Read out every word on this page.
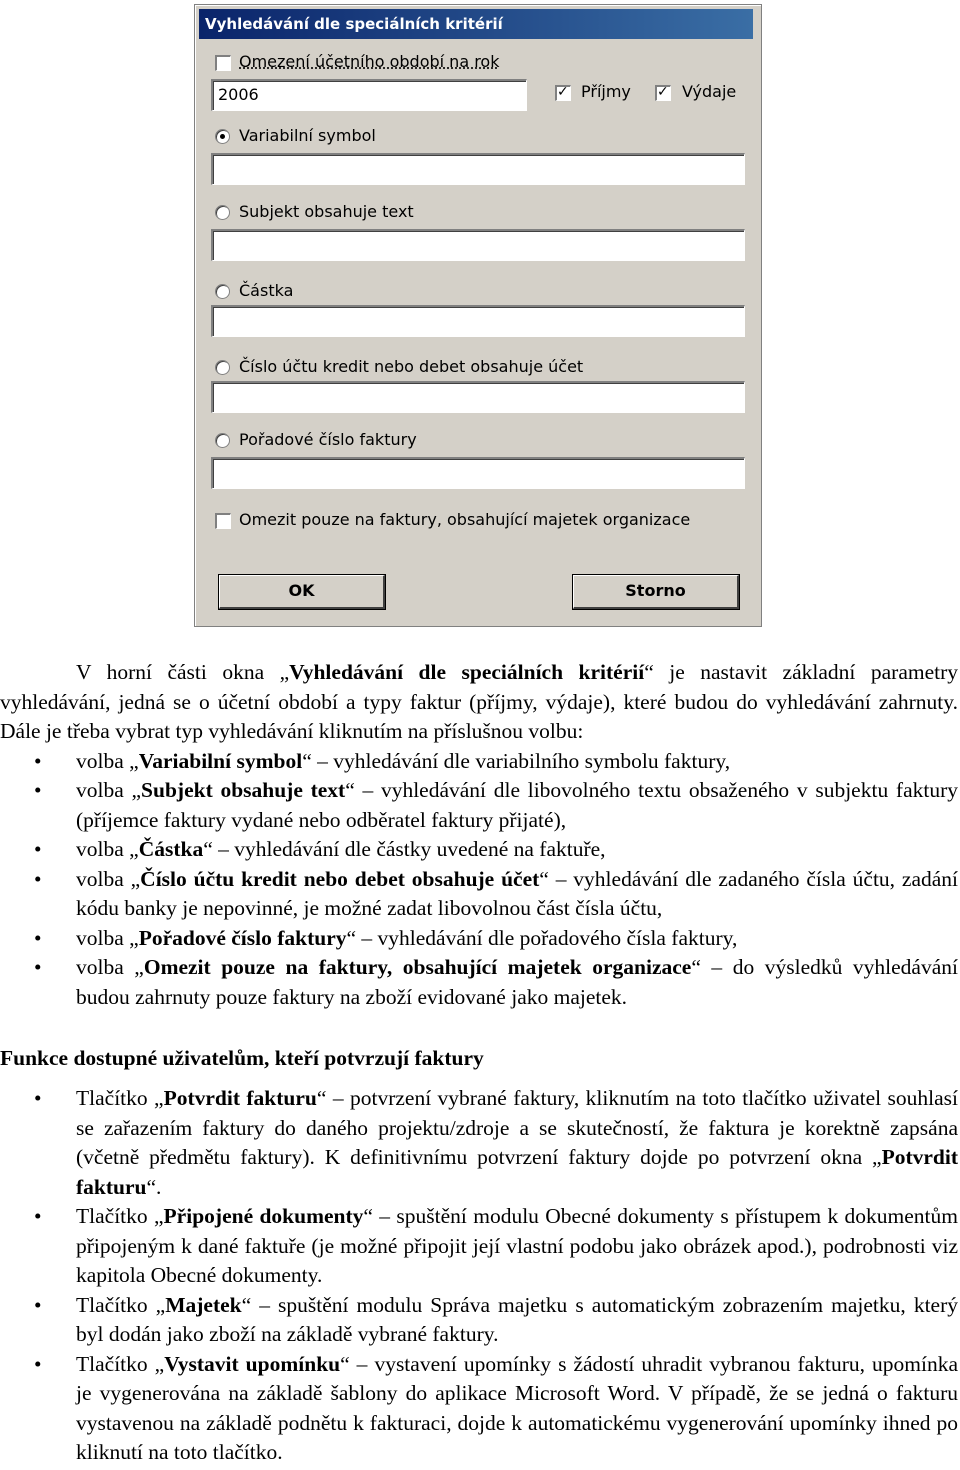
Vyhledávání dle speciálních kritérií
Omezení účetního období na rok
2006	✓ Příjmy ✓ Výdaje
Variabilní symbol
Subjekt obsahuje text
Částka
Číslo účtu kredit nebo debet obsahuje účet
Pořadové číslo faktury
Omezit pouze na faktury, obsahující majetek organizace
OK	Storno

V horní části okna „Vyhledávání dle speciálních kritérií“ je nastavit základní parametry vyhledávání, jedná se o účetní období a typy faktur (příjmy, výdaje), které budou do vyhledávání zahrnuty. Dále je třeba vybrat typ vyhledávání kliknutím na příslušnou volbu:

• volba „Variabilní symbol“ – vyhledávání dle variabilního symbolu faktury,
• volba „Subjekt obsahuje text“ – vyhledávání dle libovolného textu obsaženého v subjektu faktury (příjemce faktury vydané nebo odběratel faktury přijaté),
• volba „Částka“ – vyhledávání dle částky uvedené na faktuře,
• volba „Číslo účtu kredit nebo debet obsahuje účet“ – vyhledávání dle zadaného čísla účtu, zadání kódu banky je nepovinné, je možné zadat libovolnou část čísla účtu,
• volba „Pořadové číslo faktury“ – vyhledávání dle pořadového čísla faktury,
• volba „Omezit pouze na faktury, obsahující majetek organizace“ – do výsledků vyhledávání budou zahrnuty pouze faktury na zboží evidované jako majetek.
Funkce dostupné uživatelům, kteří potvrzují faktury
• Tlačítko „Potvrdit fakturu“ – potvrzení vybrané faktury, kliknutím na toto tlačítko uživatel souhlasí se zařazením faktury do daného projektu/zdroje a se skutečností, že faktura je korektně zapsána (včetně předmětu faktury). K definitivnímu potvrzení faktury dojde po potvrzení okna „Potvrdit fakturu“.
• Tlačítko „Připojené dokumenty“ – spuštění modulu Obecné dokumenty s přístupem k dokumentům připojeným k dané faktuře (je možné připojit její vlastní podobu jako obrázek apod.), podrobnosti viz kapitola Obecné dokumenty.
• Tlačítko „Majetek“ – spuštění modulu Správa majetku s automatickým zobrazením majetku, který byl dodán jako zboží na základě vybrané faktury.
• Tlačítko „Vystavit upomínku“ – vystavení upomínky s žádostí uhradit vybranou fakturu, upomínka je vygenerována na základě šablony do aplikace Microsoft Word. V případě, že se jedná o fakturu vystavenou na základě podnětu k fakturaci, dojde k automatickému vygenerování upomínky ihned po kliknutí na toto tlačítko.
